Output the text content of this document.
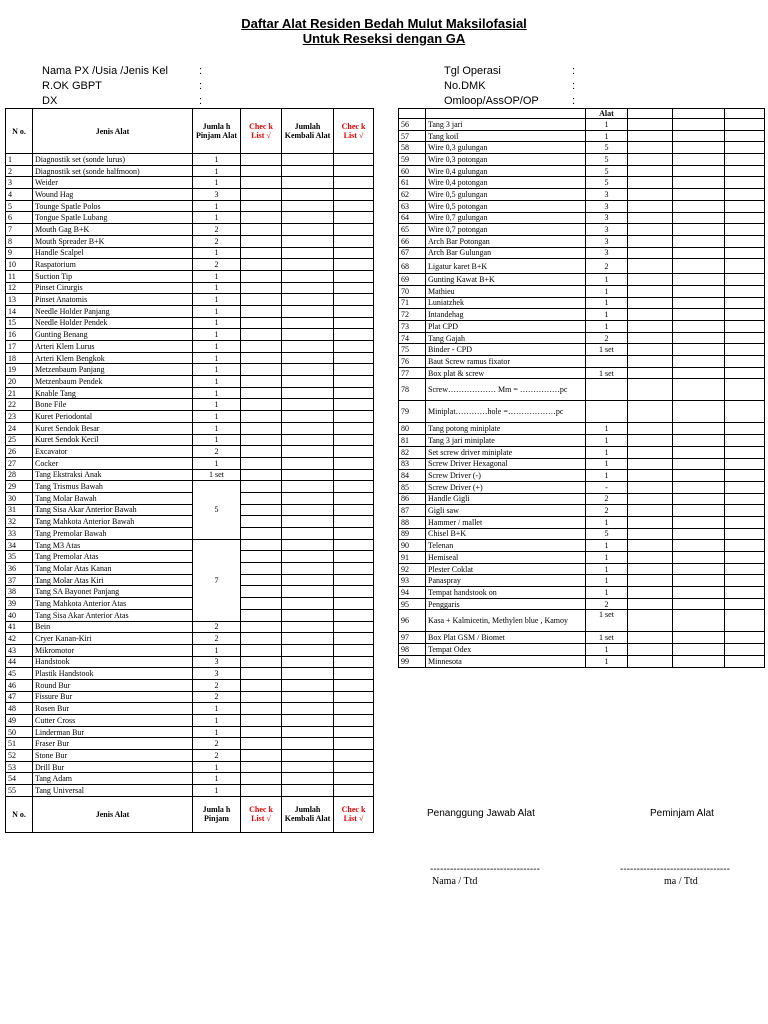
Daftar Alat Residen Bedah Mulut Maksilofasial
Untuk Reseksi dengan GA
Nama PX /Usia /Jenis Kel	:
R.OK GBPT	:
DX	:
Tgl Operasi	:
No.DMK	:
Omloop/AssOP/OP	:
N o.	Jenis Alat	Jumla h Pinjam Alat	Chec k List √	Jumlah Kembali Alat	Chec k List √
1	Diagnostik set (sonde lurus)	1			
2	Diagnostik set (sonde halfmoon)	1			
3	Weider	1			
4	Wound Hag	3			
5	Tounge Spatle Polos	1			
6	Tongue Spatle Lubang	1			
7	Mouth Gag B+K	2			
8	Mouth Spreader B+K	2			
9	Handle Scalpel	1			
10	Raspatorium	2			
11	Suction Tip	1			
12	Pinset Cirurgis	1			
13	Pinset Anatomis	1			
14	Needle Holder Panjang	1			
15	Needle Holder Pendek	1			
16	Gunting Benang	1			
17	Arteri Klem Lurus	1			
18	Arteri Klem Bengkok	1			
19	Metzenbaum Panjang	1			
20	Metzenbaum Pendek	1			
21	Knable Tang	1			
22	Bone File	1			
23	Kuret Periodontal	1			
24	Kuret Sendok Besar	1			
25	Kuret Sendok Kecil	1			
26	Excavator	2			
27	Cocker	1			
28	Tang Ekstraksi Anak	1 set			
29	Tang Trismus Bawah	5			
30	Tang Molar Bawah				
31	Tang Sisa Akar Anterior Bawah				
32	Tang Mahkota Anterior Bawah				
33	Tang Premolar Bawah				
34	Tang M3 Atas	7			
35	Tang Premolar Atas				
36	Tang Molar Atas Kanan				
37	Tang Molar Atas Kiri				
38	Tang SA Bayonet Panjang				
39	Tang Mahkota Anterior Atas				
40	Tang Sisa Akar Anterior Atas				
41	Bein	2			
42	Cryer Kanan-Kiri	2			
43	Mikromotor	1			
44	Handstook	3			
45	Plastik Handstook	3			
46	Round Bur	2			
47	Fissure Bur	2			
48	Rosen Bur	1			
49	Cutter Cross	1			
50	Linderman Bur	1			
51	Fraser Bur	2			
52	Stone Bur	2			
53	Drill Bur	1			
54	Tang Adam	1			
55	Tang Universal	1			
N o.	Jenis Alat	Jumla h Pinjam	Chec k List √	Jumlah Kembali Alat	Chec k List √
		Alat			
56	Tang 3 jari	1			
57	Tang koil	1			
58	Wire 0,3 gulungan	5			
59	Wire 0,3 potongan	5			
60	Wire 0,4 gulungan	5			
61	Wire 0,4 potongan	5			
62	Wire 0,5 gulungan	3			
63	Wire 0,5 potongan	3			
64	Wire 0,7 gulungan	3			
65	Wire 0,7 potongan	3			
66	Arch Bar Potongan	3			
67	Arch Bar Gulungan	3			
68	Ligatur karet B+K	2			
69	Gunting Kawat B+K	1			
70	Mathieu	1			
71	Luniatzhek	1			
72	Intandehag	1			
73	Plat CPD	1			
74	Tang Gajah	2			
75	Binder - CPD	1 set			
76	Baut Screw ramus fixator				
77	Box plat & screw	1 set			
78	Screw……………… Mm = ……………pc				
79	Miniplat…………hole =………………pc				
80	Tang potong miniplate	1			
81	Tang 3 jari miniplate	1			
82	Set screw driver miniplate	1			
83	Screw Driver Hexagonal	1			
84	Screw Driver (-)	1			
85	Screw Driver (+)	-			
86	Handle Gigli	2			
87	Gigli saw	2			
88	Hammer / mallet	1			
89	Chisel B+K	5			
90	Telenan	1			
91	Hemiseal	1			
92	Plester Coklat	1			
93	Panaspray	1			
94	Tempat handstook on	1			
95	Penggaris	2			
96	Kasa + Kalmicetin, Methylen blue , Kamoy	1 set			
97	Box Plat GSM / Biomet	1 set			
98	Tempat Odex	1			
99	Minnesota	1			
Penanggung Jawab Alat	Peminjam Alat
---------------------------------	---------------------------------
Nama / Ttd	ma / Ttd
